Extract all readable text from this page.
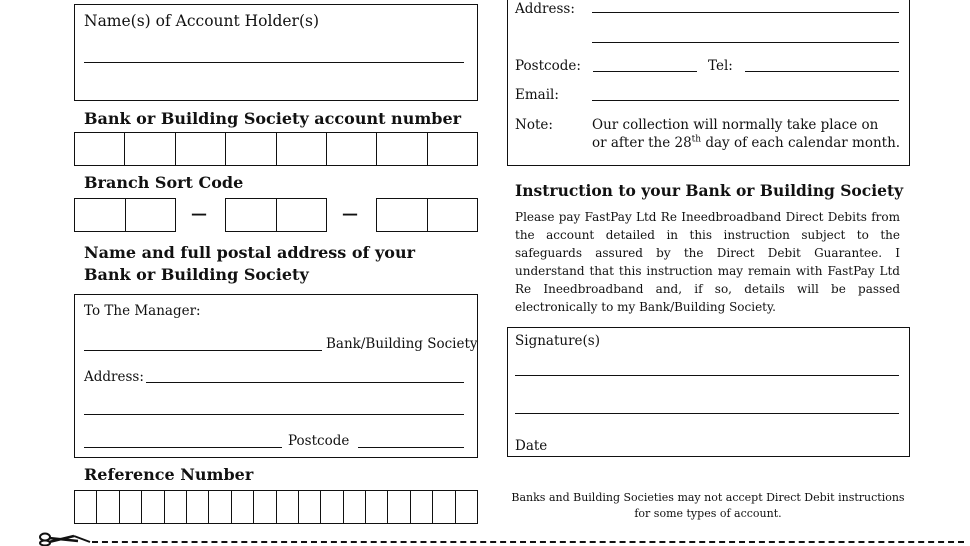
Name(s) of Account Holder(s)
Bank or Building Society account number
Branch Sort Code
—	—
Name and full postal address of your Bank or Building Society
To The Manager:
Bank/Building Society
Address:
Postcode
Reference Number
Address:
Postcode:	Tel:
Email:
Note:	Our collection will normally take place on
or after the 28th day of each calendar month.
Instruction to your Bank or Building Society
Please pay FastPay Ltd Re Ineedbroadband Direct Debits from the account detailed in this instruction subject to the safeguards assured by the Direct Debit Guarantee. I understand that this instruction may remain with FastPay Ltd Re Ineedbroadband and, if so, details will be passed electronically to my Bank/Building Society.
Signature(s)
Date
Banks and Building Societies may not accept Direct Debit instructions for some types of account.
